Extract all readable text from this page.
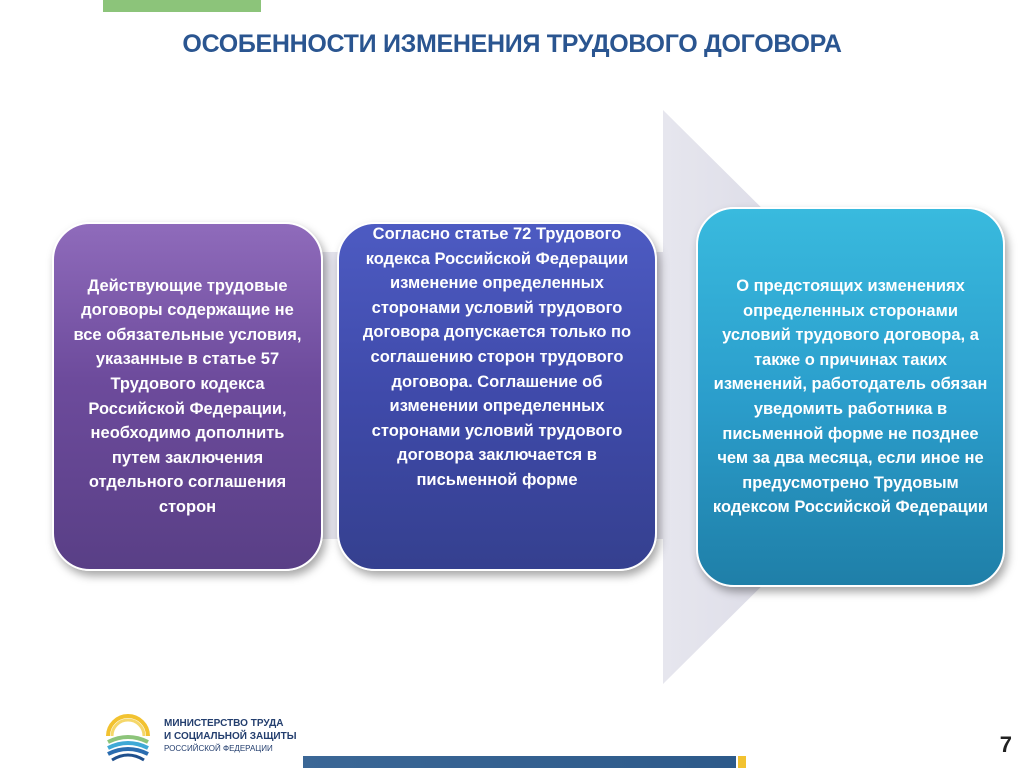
ОСОБЕННОСТИ ИЗМЕНЕНИЯ ТРУДОВОГО ДОГОВОРА
Действующие трудовые договоры содержащие не все обязательные условия, указанные в статье 57 Трудового кодекса Российской Федерации, необходимо дополнить путем заключения отдельного соглашения сторон
Согласно статье 72 Трудового кодекса Российской Федерации изменение определенных сторонами условий трудового договора допускается только по соглашению сторон трудового договора. Соглашение об изменении определенных сторонами условий трудового договора заключается в письменной форме
О предстоящих изменениях определенных сторонами условий трудового договора, а также о причинах таких изменений, работодатель обязан уведомить работника в письменной форме не позднее чем за два месяца, если иное не предусмотрено Трудовым кодексом Российской Федерации
МИНИСТЕРСТВО ТРУДА
И СОЦИАЛЬНОЙ ЗАЩИТЫ
РОССИЙСКОЙ ФЕДЕРАЦИИ	7
